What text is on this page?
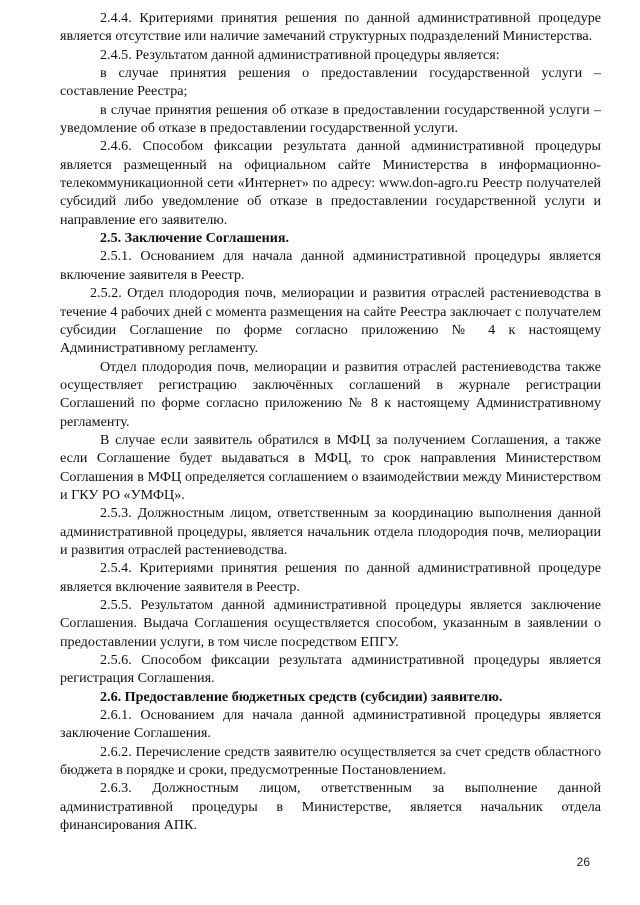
2.4.4. Критериями принятия решения по данной административной процедуре является отсутствие или наличие замечаний структурных подразделений Министерства.

2.4.5. Результатом данной административной процедуры является:

в случае принятия решения о предоставлении государственной услуги – составление Реестра;

в случае принятия решения об отказе в предоставлении государственной услуги – уведомление об отказе в предоставлении государственной услуги.

2.4.6. Способом фиксации результата данной административной процедуры является размещенный на официальном сайте Министерства в информационно-телекоммуникационной сети «Интернет» по адресу: www.don-agro.ru Реестр получателей субсидий либо уведомление об отказе в предоставлении государственной услуги и направление его заявителю.

2.5. Заключение Соглашения.

2.5.1. Основанием для начала данной административной процедуры является включение заявителя в Реестр.

2.5.2. Отдел плодородия почв, мелиорации и развития отраслей растениеводства в течение 4 рабочих дней с момента размещения на сайте Реестра заключает с получателем субсидии Соглашение по форме согласно приложению № 4 к настоящему Административному регламенту.

Отдел плодородия почв, мелиорации и развития отраслей растениеводства также осуществляет регистрацию заключённых соглашений в журнале регистрации Соглашений по форме согласно приложению № 8 к настоящему Административному регламенту.

В случае если заявитель обратился в МФЦ за получением Соглашения, а также если Соглашение будет выдаваться в МФЦ, то срок направления Министерством Соглашения в МФЦ определяется соглашением о взаимодействии между Министерством и ГКУ РО «УМФЦ».

2.5.3. Должностным лицом, ответственным за координацию выполнения данной административной процедуры, является начальник отдела плодородия почв, мелиорации и развития отраслей растениеводства.

2.5.4. Критериями принятия решения по данной административной процедуре является включение заявителя в Реестр.

2.5.5. Результатом данной административной процедуры является заключение Соглашения. Выдача Соглашения осуществляется способом, указанным в заявлении о предоставлении услуги, в том числе посредством ЕПГУ.

2.5.6. Способом фиксации результата административной процедуры является регистрация Соглашения.

2.6. Предоставление бюджетных средств (субсидии) заявителю.

2.6.1. Основанием для начала данной административной процедуры является заключение Соглашения.

2.6.2. Перечисление средств заявителю осуществляется за счет средств областного бюджета в порядке и сроки, предусмотренные Постановлением.

2.6.3. Должностным лицом, ответственным за выполнение данной административной процедуры в Министерстве, является начальник отдела финансирования АПК.

26
